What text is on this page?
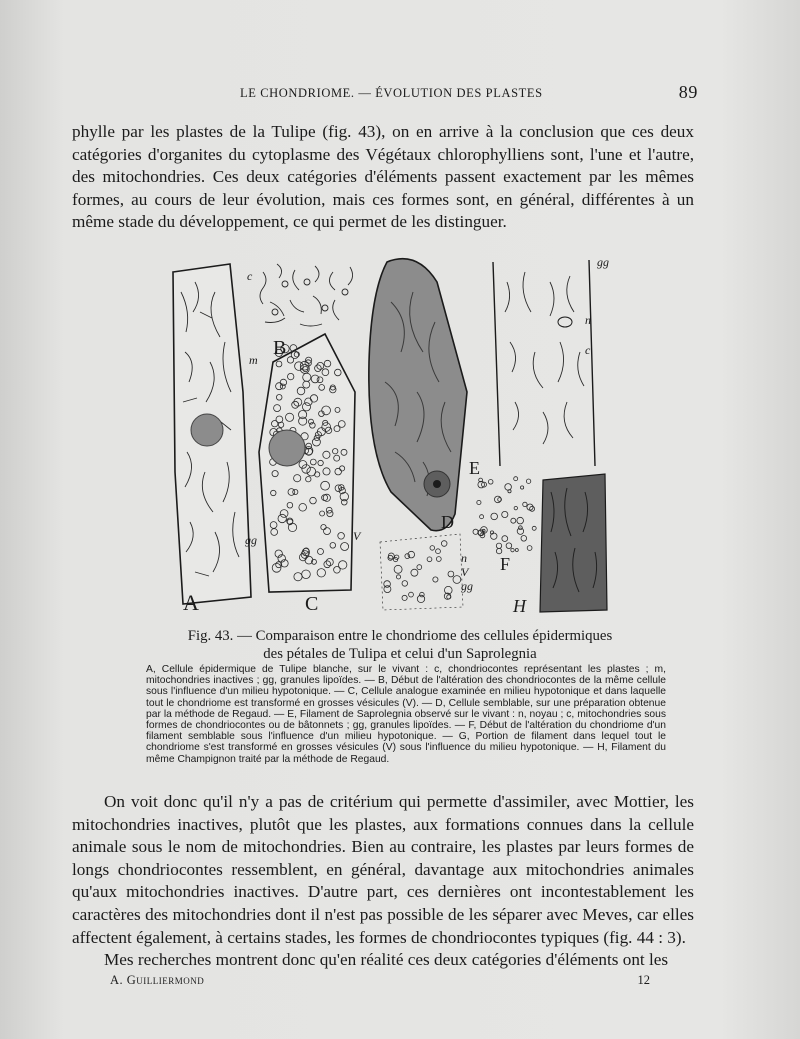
LE CHONDRIOME. — ÉVOLUTION DES PLASTES	89

phylle par les plastes de la Tulipe (fig. 43), on en arrive à la conclusion que ces deux catégories d'organites du cytoplasme des Végétaux chlorophylliens sont, l'une et l'autre, des mitochondries. Ces deux catégories d'éléments passent exactement par les mêmes formes, au cours de leur évolution, mais ces formes sont, en général, différentes à un même stade du développement, ce qui permet de les distinguer.

A
B
C
D
E
F
H
c
m
gg	V
n
V
gg
gg
n
c
Fig. 43. — Comparaison entre le chondriome des cellules épidermiques
des pétales de Tulipa et celui d'un Saprolegnia
A, Cellule épidermique de Tulipe blanche, sur le vivant : c, chondriocontes représentant les plastes ; m, mitochondries inactives ; gg, granules lipoïdes. — B, Début de l'altération des chondriocontes de la même cellule sous l'influence d'un milieu hypotonique. — C, Cellule analogue examinée en milieu hypotonique et dans laquelle tout le chondriome est transformé en grosses vésicules (V). — D, Cellule semblable, sur une préparation obtenue par la méthode de Regaud. — E, Filament de Saprolegnia observé sur le vivant : n, noyau ; c, mitochondries sous formes de chondriocontes ou de bâtonnets ; gg, granules lipoïdes. — F, Début de l'altération du chondriome d'un filament semblable sous l'influence d'un milieu hypotonique. — G, Portion de filament dans lequel tout le chondriome s'est transformé en grosses vésicules (V) sous l'influence du milieu hypotonique. — H, Filament du même Champignon traité par la méthode de Regaud.

On voit donc qu'il n'y a pas de critérium qui permette d'assimiler, avec Mottier, les mitochondries inactives, plutôt que les plastes, aux formations connues dans la cellule animale sous le nom de mitochondries. Bien au contraire, les plastes par leurs formes de longs chondriocontes ressemblent, en général, davantage aux mitochondries animales qu'aux mitochondries inactives. D'autre part, ces dernières ont incontestablement les caractères des mitochondries dont il n'est pas possible de les séparer avec Meves, car elles affectent également, à certains stades, les formes de chondriocontes typiques (fig. 44 : 3).

Mes recherches montrent donc qu'en réalité ces deux catégories d'éléments ont les

A. Guilliermond	12
